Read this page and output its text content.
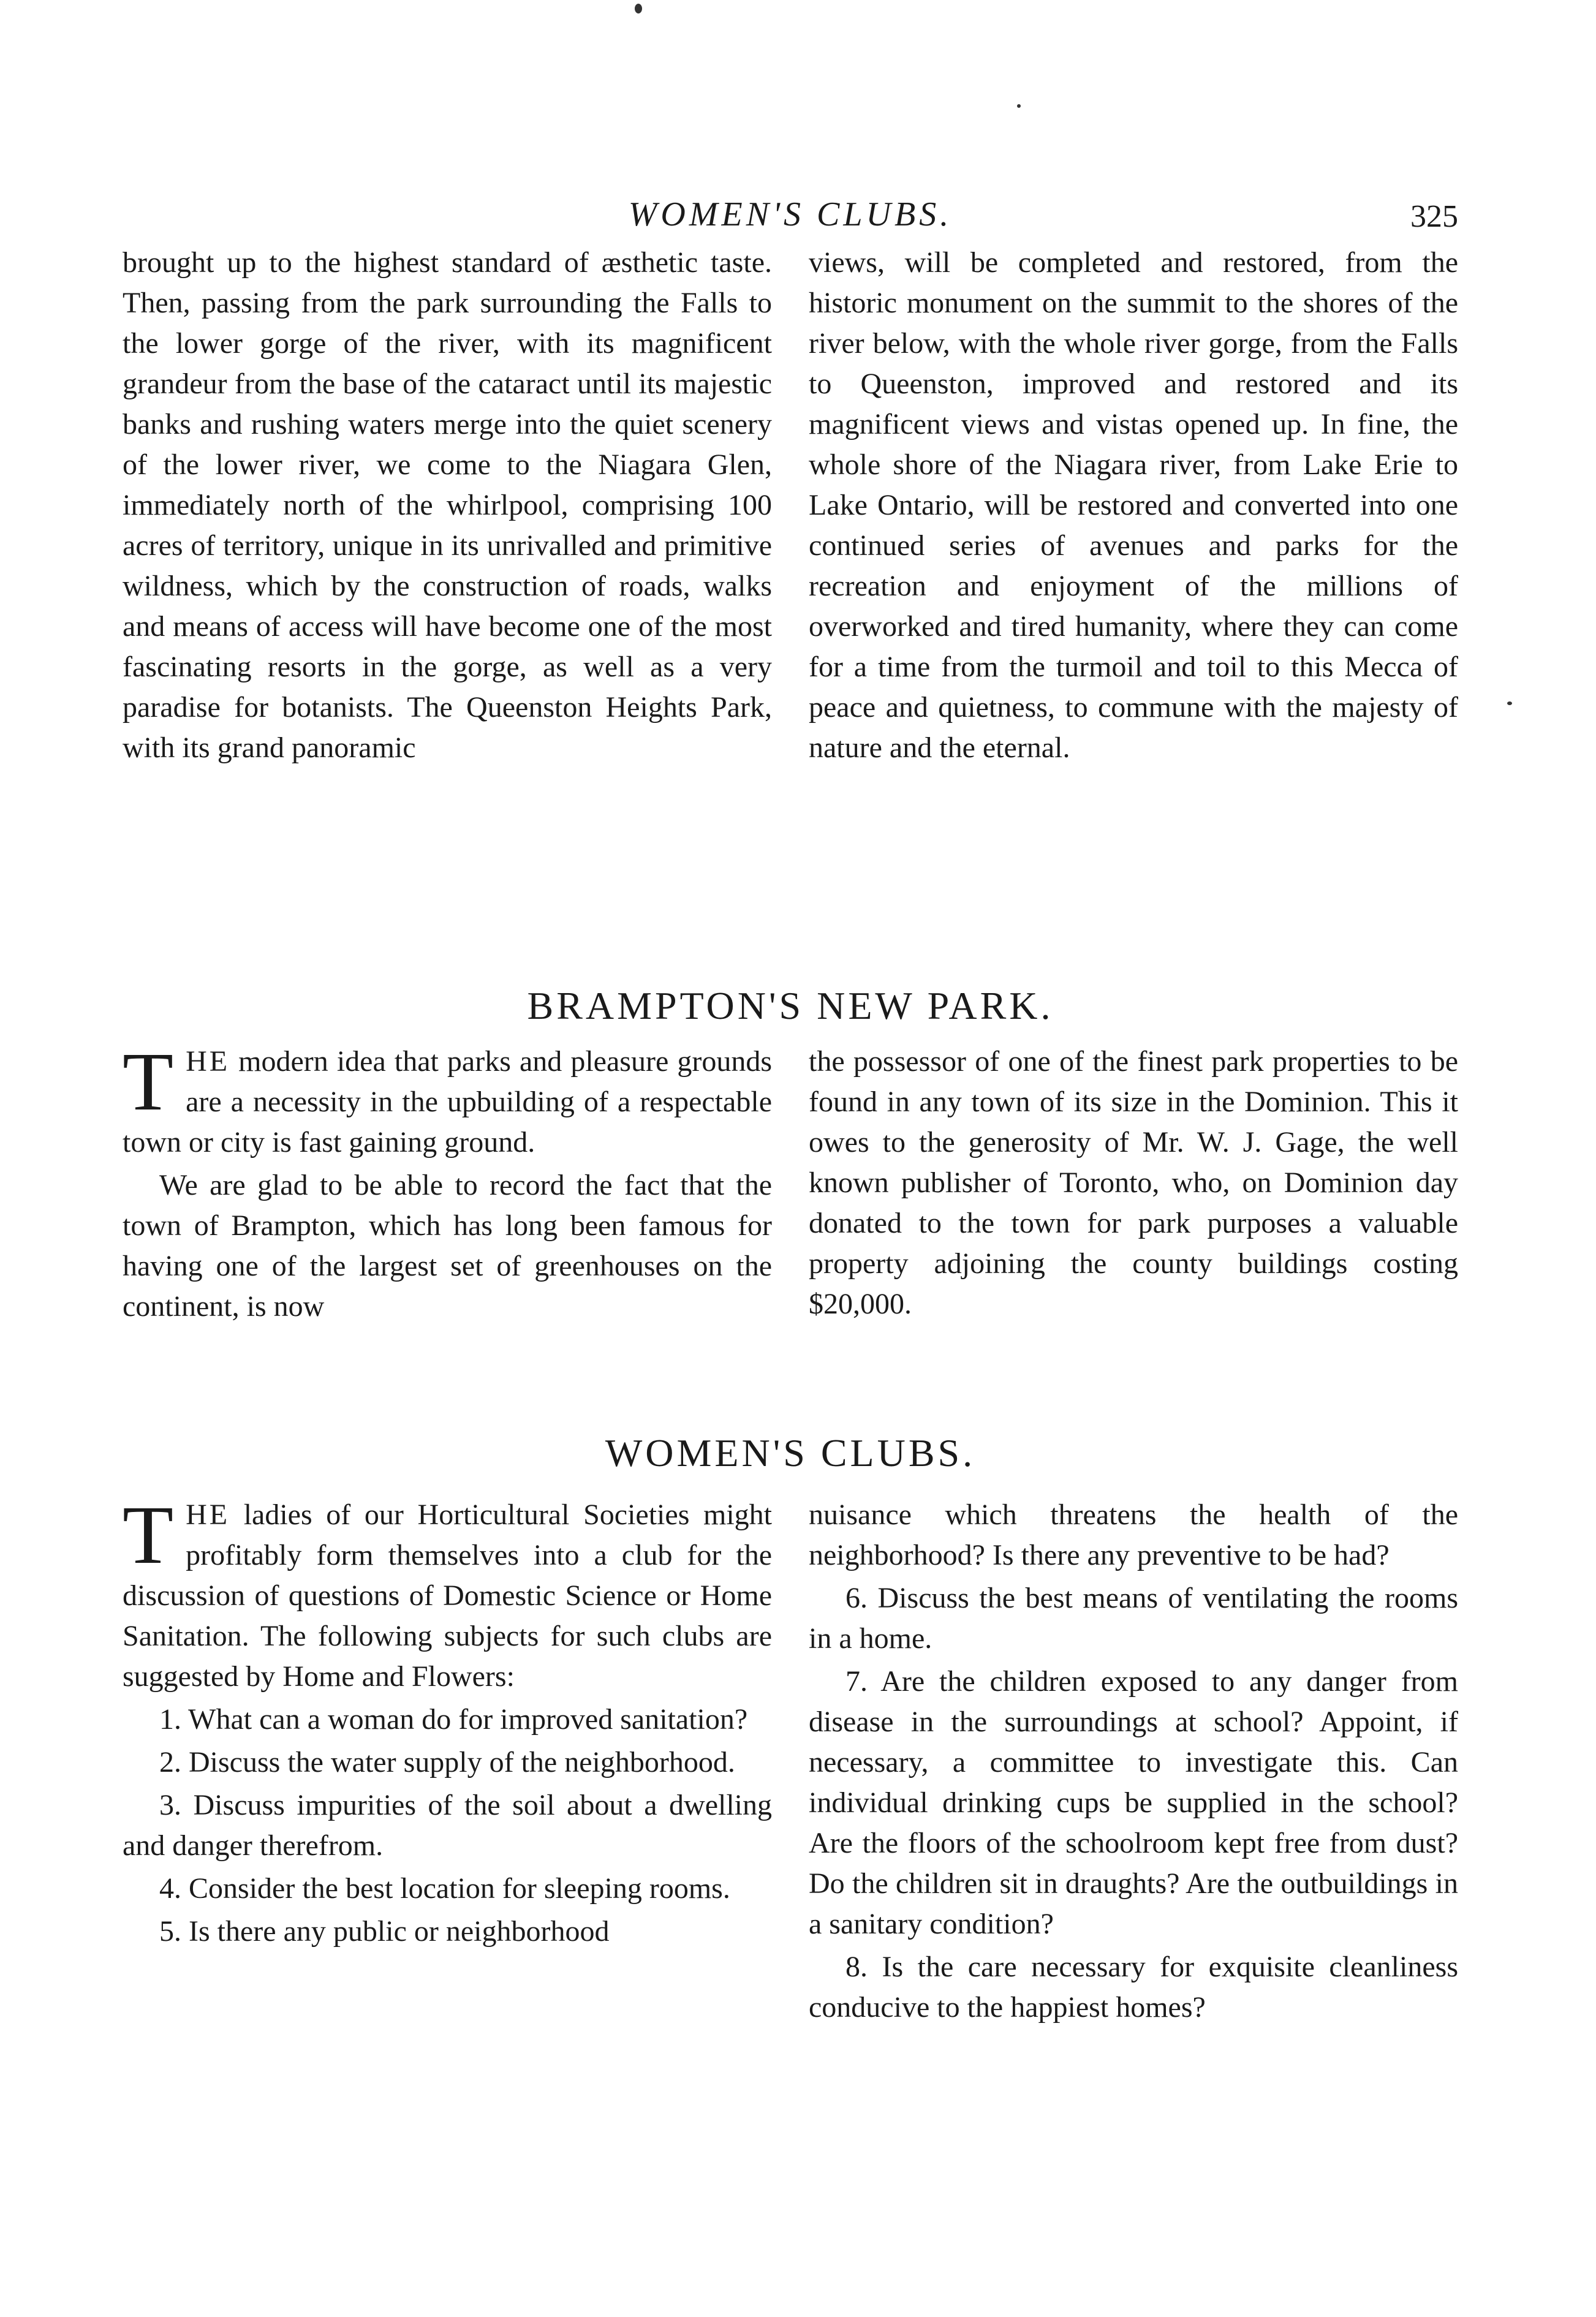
WOMEN'S CLUBS.	325

brought up to the highest standard of æsthetic taste. Then, passing from the park surrounding the Falls to the lower gorge of the river, with its magnificent grandeur from the base of the cataract until its majestic banks and rushing waters merge into the quiet scenery of the lower river, we come to the Niagara Glen, immediately north of the whirlpool, comprising 100 acres of territory, unique in its unrivalled and primitive wildness, which by the construction of roads, walks and means of access will have become one of the most fascinating resorts in the gorge, as well as a very paradise for botanists. The Queenston Heights Park, with its grand panoramic

views, will be completed and restored, from the historic monument on the summit to the shores of the river below, with the whole river gorge, from the Falls to Queenston, improved and restored and its magnificent views and vistas opened up. In fine, the whole shore of the Niagara river, from Lake Erie to Lake Ontario, will be restored and converted into one continued series of avenues and parks for the recreation and enjoyment of the millions of overworked and tired humanity, where they can come for a time from the turmoil and toil to this Mecca of peace and quietness, to commune with the majesty of nature and the eternal.

BRAMPTON'S NEW PARK.

T HE modern idea that parks and pleasure grounds are a necessity in the upbuilding of a respectable town or city is fast gaining ground.

We are glad to be able to record the fact that the town of Brampton, which has long been famous for having one of the largest set of greenhouses on the continent, is now

the possessor of one of the finest park properties to be found in any town of its size in the Dominion. This it owes to the generosity of Mr. W. J. Gage, the well known publisher of Toronto, who, on Dominion day donated to the town for park purposes a valuable property adjoining the county buildings costing $20,000.

WOMEN'S CLUBS.

T HE ladies of our Horticultural Societies might profitably form themselves into a club for the discussion of questions of Domestic Science or Home Sanitation. The following subjects for such clubs are suggested by Home and Flowers:

1. What can a woman do for improved sanitation?

2. Discuss the water supply of the neighborhood.

3. Discuss impurities of the soil about a dwelling and danger therefrom.

4. Consider the best location for sleeping rooms.

5. Is there any public or neighborhood

nuisance which threatens the health of the neighborhood? Is there any preventive to be had?

6. Discuss the best means of ventilating the rooms in a home.

7. Are the children exposed to any danger from disease in the surroundings at school? Appoint, if necessary, a committee to investigate this. Can individual drinking cups be supplied in the school? Are the floors of the schoolroom kept free from dust? Do the children sit in draughts? Are the outbuildings in a sanitary condition?

8. Is the care necessary for exquisite cleanliness conducive to the happiest homes?
